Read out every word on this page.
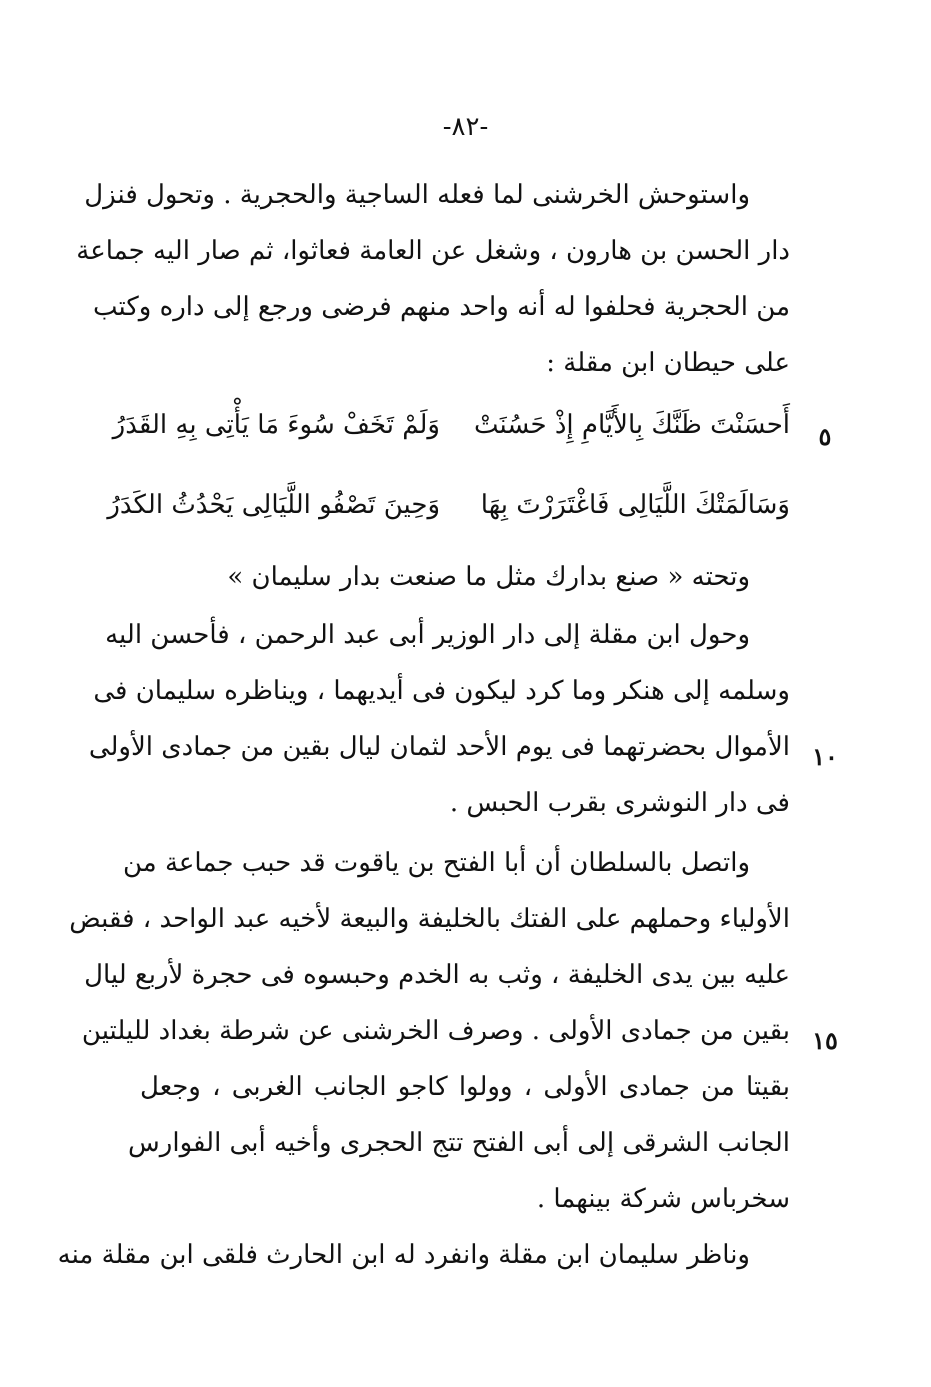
-٨٢-
واستوحش الخرشنى لما فعله الساجية والحجرية . وتحول فنزل
دار الحسن بن هارون ، وشغل عن العامة فعاثوا، ثم صار اليه جماعة
من الحجرية فحلفوا له أنه واحد منهم فرضى ورجع إلى داره وكتب
على حيطان ابن مقلة :
أَحسَنْتَ ظَنَّكَ بِالأَيَّامِ إِذْ حَسُنَتْ
وَلَمْ تَخَفْ سُوءَ مَا يَأْتِى بِهِ القَدَرُ	٥
وَسَالَمَتْكَ اللَّيَالِى فَاغْتَرَرْتَ بِهَا
وَحِينَ تَصْفُو اللَّيَالِى يَحْدُثُ الكَدَرُ
وتحته « صنع بدارك مثل ما صنعت بدار سليمان »
وحول ابن مقلة إلى دار الوزير أبى عبد الرحمن ، فأحسن اليه
وسلمه إلى هنكر وما كرد ليكون فى أيديهما ، ويناظره سليمان فى
الأموال بحضرتهما فى يوم الأحد لثمان ليال بقين من جمادى الأولى ١٠
فى دار النوشرى بقرب الحبس .
واتصل بالسلطان أن أبا الفتح بن ياقوت قد حبب جماعة من
الأولياء وحملهم على الفتك بالخليفة والبيعة لأخيه عبد الواحد ، فقبض
عليه بين يدى الخليفة ، وثب به الخدم وحبسوه فى حجرة لأربع ليال
بقين من جمادى الأولى . وصرف الخرشنى عن شرطة بغداد لليلتين ١٥
بقيتا من جمادى الأولى ، وولوا كاجو الجانب الغربى ، وجعل
الجانب الشرقى إلى أبى الفتح تتج الحجرى وأخيه أبى الفوارس
سخرباس شركة بينهما .
وناظر سليمان ابن مقلة وانفرد له ابن الحارث فلقى ابن مقلة منه
